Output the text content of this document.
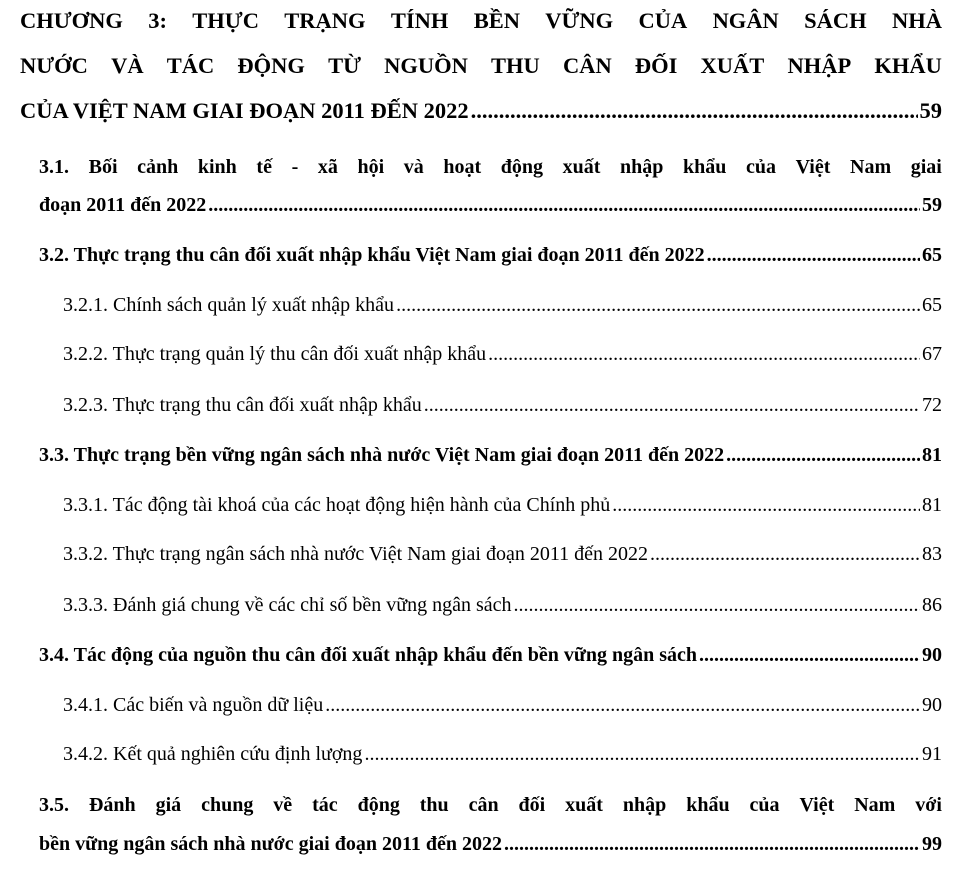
CHƯƠNG 3: THỰC TRẠNG TÍNH BỀN VỮNG CỦA NGÂN SÁCH NHÀ
NƯỚC VÀ TÁC ĐỘNG TỪ NGUỒN THU CÂN ĐỐI XUẤT NHẬP KHẨU
CỦA VIỆT NAM GIAI ĐOẠN 2011 ĐẾN 2022 .....	59
3.1. Bối cảnh kinh tế - xã hội và hoạt động xuất nhập khẩu của Việt Nam giai
đoạn 2011 đến 2022 .....	59
3.2. Thực trạng thu cân đối xuất nhập khẩu Việt Nam giai đoạn 2011 đến 2022 .....	65
3.2.1. Chính sách quản lý xuất nhập khẩu .....	65
3.2.2. Thực trạng quản lý thu cân đối xuất nhập khẩu .....	67
3.2.3. Thực trạng thu cân đối xuất nhập khẩu .....	72
3.3. Thực trạng bền vững ngân sách nhà nước Việt Nam giai đoạn 2011 đến 2022 .....	81
3.3.1. Tác động tài khoá của các hoạt động hiện hành của Chính phủ .....	81
3.3.2. Thực trạng ngân sách nhà nước Việt Nam giai đoạn 2011 đến 2022 .....	83
3.3.3. Đánh giá chung về các chỉ số bền vững ngân sách .....	86
3.4. Tác động của nguồn thu cân đối xuất nhập khẩu đến bền vững ngân sách .....	90
3.4.1. Các biến và nguồn dữ liệu .....	90
3.4.2. Kết quả nghiên cứu định lượng .....	91
3.5. Đánh giá chung về tác động thu cân đối xuất nhập khẩu của Việt Nam với
bền vững ngân sách nhà nước giai đoạn 2011 đến 2022 .....	99
